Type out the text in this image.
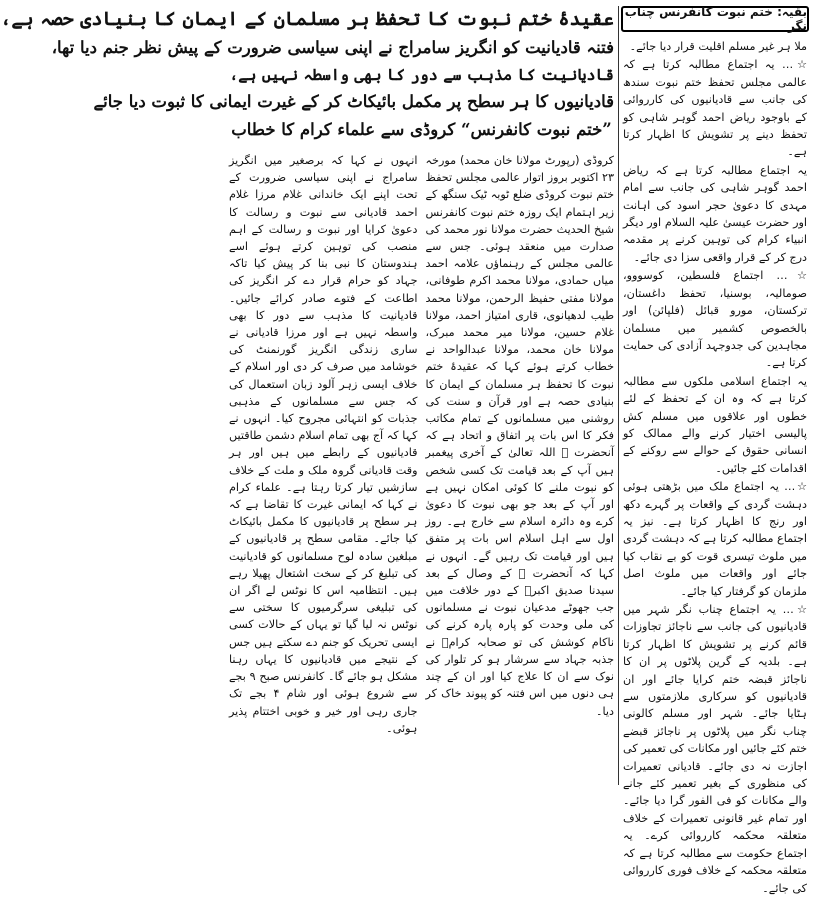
بقیہ: ختم نبوت کانفرنس چناب نگر

ملا ہر غیر مسلم اقلیت قرار دیا جائے۔

☆… یہ اجتماع مطالبہ کرتا ہے کہ عالمی مجلس تحفظ ختم نبوت سندھ کی جانب سے قادیانیوں کی کارروائی کے باوجود ریاض احمد گوہر شاہی کو تحفظ دینے پر تشویش کا اظہار کرتا ہے۔

یہ اجتماع مطالبہ کرتا ہے کہ ریاض احمد گوہر شاہی کی جانب سے امام مہدی کا دعویٰ حجر اسود کی اہانت اور حضرت عیسیٰ علیہ السلام اور دیگر انبیاء کرام کی توہین کرنے پر مقدمہ درج کر کے قرار واقعی سزا دی جائے۔

☆… اجتماع فلسطین، کوسووو، صومالیہ، بوسنیا، تحفظ داغستان، ترکستان، مورو قبائل (فلپائن) اور بالخصوص کشمیر میں مسلمان مجاہدین کی جدوجہد آزادی کی حمایت کرتا ہے۔

یہ اجتماع اسلامی ملکوں سے مطالبہ کرتا ہے کہ وہ ان کے تحفظ کے لئے خطوں اور علاقوں میں مسلم کش پالیسی اختیار کرنے والے ممالک کو انسانی حقوق کے حوالے سے روکنے کے اقدامات کئے جائیں۔

☆… یہ اجتماع ملک میں بڑھتی ہوئی دہشت گردی کے واقعات پر گہرے دکھ اور رنج کا اظہار کرتا ہے۔ نیز یہ اجتماع مطالبہ کرتا ہے کہ دہشت گردی میں ملوث تیسری قوت کو بے نقاب کیا جائے اور واقعات میں ملوث اصل ملزمان کو گرفتار کیا جائے۔

☆… یہ اجتماع چناب نگر شہر میں قادیانیوں کی جانب سے ناجائز تجاوزات قائم کرنے پر تشویش کا اظہار کرتا ہے۔ بلدیہ کے گرین پلاٹوں پر ان کا ناجائز قبضہ ختم کرایا جائے اور ان قادیانیوں کو سرکاری ملازمتوں سے ہٹایا جائے۔ شہر اور مسلم کالونی چناب نگر میں پلاٹوں پر ناجائز قبضے ختم کئے جائیں اور مکانات کی تعمیر کی اجازت نہ دی جائے۔ قادیانی تعمیرات کی منظوری کے بغیر تعمیر کئے جانے والے مکانات کو فی الفور گرا دیا جائے۔ اور تمام غیر قانونی تعمیرات کے خلاف متعلقہ محکمہ کارروائی کرے۔ یہ اجتماع حکومت سے مطالبہ کرتا ہے کہ متعلقہ محکمہ کے خلاف فوری کارروائی کی جائے۔

عقیدۂ ختم نبوت کا تحفظ ہر مسلمان کے ایمان کا بنیادی حصہ ہے،
فتنہ قادیانیت کو انگریز سامراج نے اپنی سیاسی ضرورت کے پیش نظر جنم دیا تھا،
قادیانیت کا مذہب سے دور کا بھی واسطہ نہیں ہے،
قادیانیوں کا ہر سطح پر مکمل بائیکاٹ کر کے غیرت ایمانی کا ثبوت دیا جائے
”ختم نبوت کانفرنس“ کروڈی سے علماء کرام کا خطاب

کروڈی (رپورٹ مولانا خان محمد) مورخہ ۲۳ اکتوبر بروز اتوار عالمی مجلس تحفظ ختم نبوت کروڈی ضلع ٹوبہ ٹیک سنگھ کے زیر اہتمام ایک روزہ ختم نبوت کانفرنس شیخ الحدیث حضرت مولانا نور محمد کی صدارت میں منعقد ہوئی۔ جس سے عالمی مجلس کے رہنماؤں علامہ احمد میاں حمادی، مولانا محمد اکرم طوفانی، مولانا مفتی حفیظ الرحمن، مولانا محمد طیب لدھیانوی، قاری امتیاز احمد، مولانا غلام حسین، مولانا میر محمد مبرک، مولانا خان محمد، مولانا عبدالواحد نے خطاب کرتے ہوئے کہا کہ عقیدۂ ختم نبوت کا تحفظ ہر مسلمان کے ایمان کا بنیادی حصہ ہے اور قرآن و سنت کی روشنی میں مسلمانوں کے تمام مکاتب فکر کا اس بات پر اتفاق و اتحاد ہے کہ آنحضرت ﷺ اللہ تعالیٰ کے آخری پیغمبر ہیں آپ کے بعد قیامت تک کسی شخص کو نبوت ملنے کا کوئی امکان نہیں ہے اور آپ کے بعد جو بھی نبوت کا دعویٰ کرے وہ دائرہ اسلام سے خارج ہے۔ روز اول سے اہل اسلام اس بات پر متفق ہیں اور قیامت تک رہیں گے۔ انہوں نے کہا کہ آنحضرت ﷺ کے وصال کے بعد سیدنا صدیق اکبرؓ کے دور خلافت میں جب جھوٹے مدعیان نبوت نے مسلمانوں کی ملی وحدت کو پارہ پارہ کرنے کی ناکام کوشش کی تو صحابہ کرامؓ نے جذبہ جہاد سے سرشار ہو کر تلوار کی نوک سے ان کا علاج کیا اور ان کے چند ہی دنوں میں اس فتنہ کو پیوند خاک کر دیا۔

انہوں نے کہا کہ برصغیر میں انگریز سامراج نے اپنی سیاسی ضرورت کے تحت اپنے ایک خاندانی غلام مرزا غلام احمد قادیانی سے نبوت و رسالت کا دعویٰ کرایا اور نبوت و رسالت کے اہم منصب کی توہین کرتے ہوئے اسے ہندوستان کا نبی بنا کر پیش کیا تاکہ جہاد کو حرام قرار دے کر انگریز کی اطاعت کے فتوے صادر کرائے جائیں۔ قادیانیت کا مذہب سے دور کا بھی واسطہ نہیں ہے اور مرزا قادیانی نے ساری زندگی انگریز گورنمنٹ کی خوشامد میں صرف کر دی اور اسلام کے خلاف ایسی زہر آلود زبان استعمال کی کہ جس سے مسلمانوں کے مذہبی جذبات کو انتہائی مجروح کیا۔ انہوں نے کہا کہ آج بھی تمام اسلام دشمن طاقتیں قادیانیوں کے رابطے میں ہیں اور ہر وقت قادیانی گروہ ملک و ملت کے خلاف سازشیں تیار کرتا رہتا ہے۔ علماء کرام نے کہا کہ ایمانی غیرت کا تقاضا ہے کہ ہر سطح پر قادیانیوں کا مکمل بائیکاٹ کیا جائے۔ مقامی سطح پر قادیانیوں کے مبلغین سادہ لوح مسلمانوں کو قادیانیت کی تبلیغ کر کے سخت اشتعال پھیلا رہے ہیں۔ انتظامیہ اس کا نوٹس لے اگر ان کی تبلیغی سرگرمیوں کا سختی سے نوٹس نہ لیا گیا تو یہاں کے حالات کسی ایسی تحریک کو جنم دے سکتے ہیں جس کے نتیجے میں قادیانیوں کا یہاں رہنا مشکل ہو جائے گا۔ کانفرنس صبح ۹ بجے سے شروع ہوئی اور شام ۴ بجے تک جاری رہی اور خیر و خوبی اختتام پذیر ہوئی۔
